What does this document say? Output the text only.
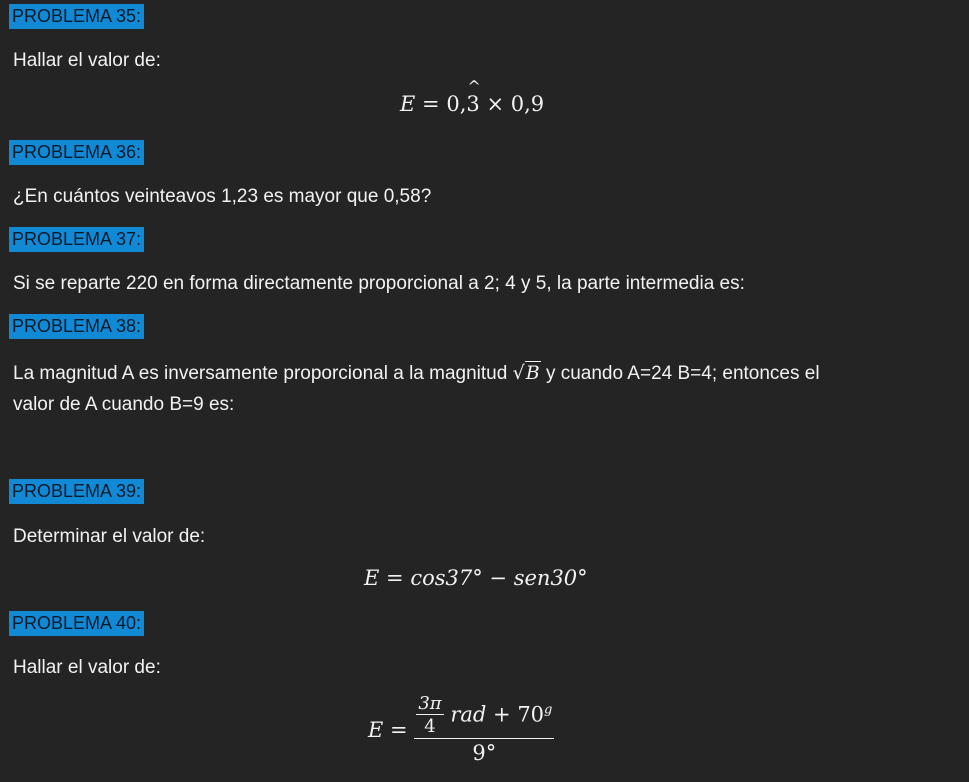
PROBLEMA 35:
Hallar el valor de:
E = 0,
^
3 × 0,9
PROBLEMA 36:
¿En cuántos veinteavos 1,23 es mayor que 0,58?
PROBLEMA 37:
Si se reparte 220 en forma directamente proporcional a 2; 4 y 5, la parte intermedia es:
PROBLEMA 38:
La magnitud A es inversamente proporcional a la magnitud √B y cuando A=24 B=4; entonces el
valor de A cuando B=9 es:
PROBLEMA 39:
Determinar el valor de:
E = cos37° − sen30°
PROBLEMA 40:
Hallar el valor de:
$E = \frac{\frac{3\pi}{4} rad + 70^g}{9^\circ}$
